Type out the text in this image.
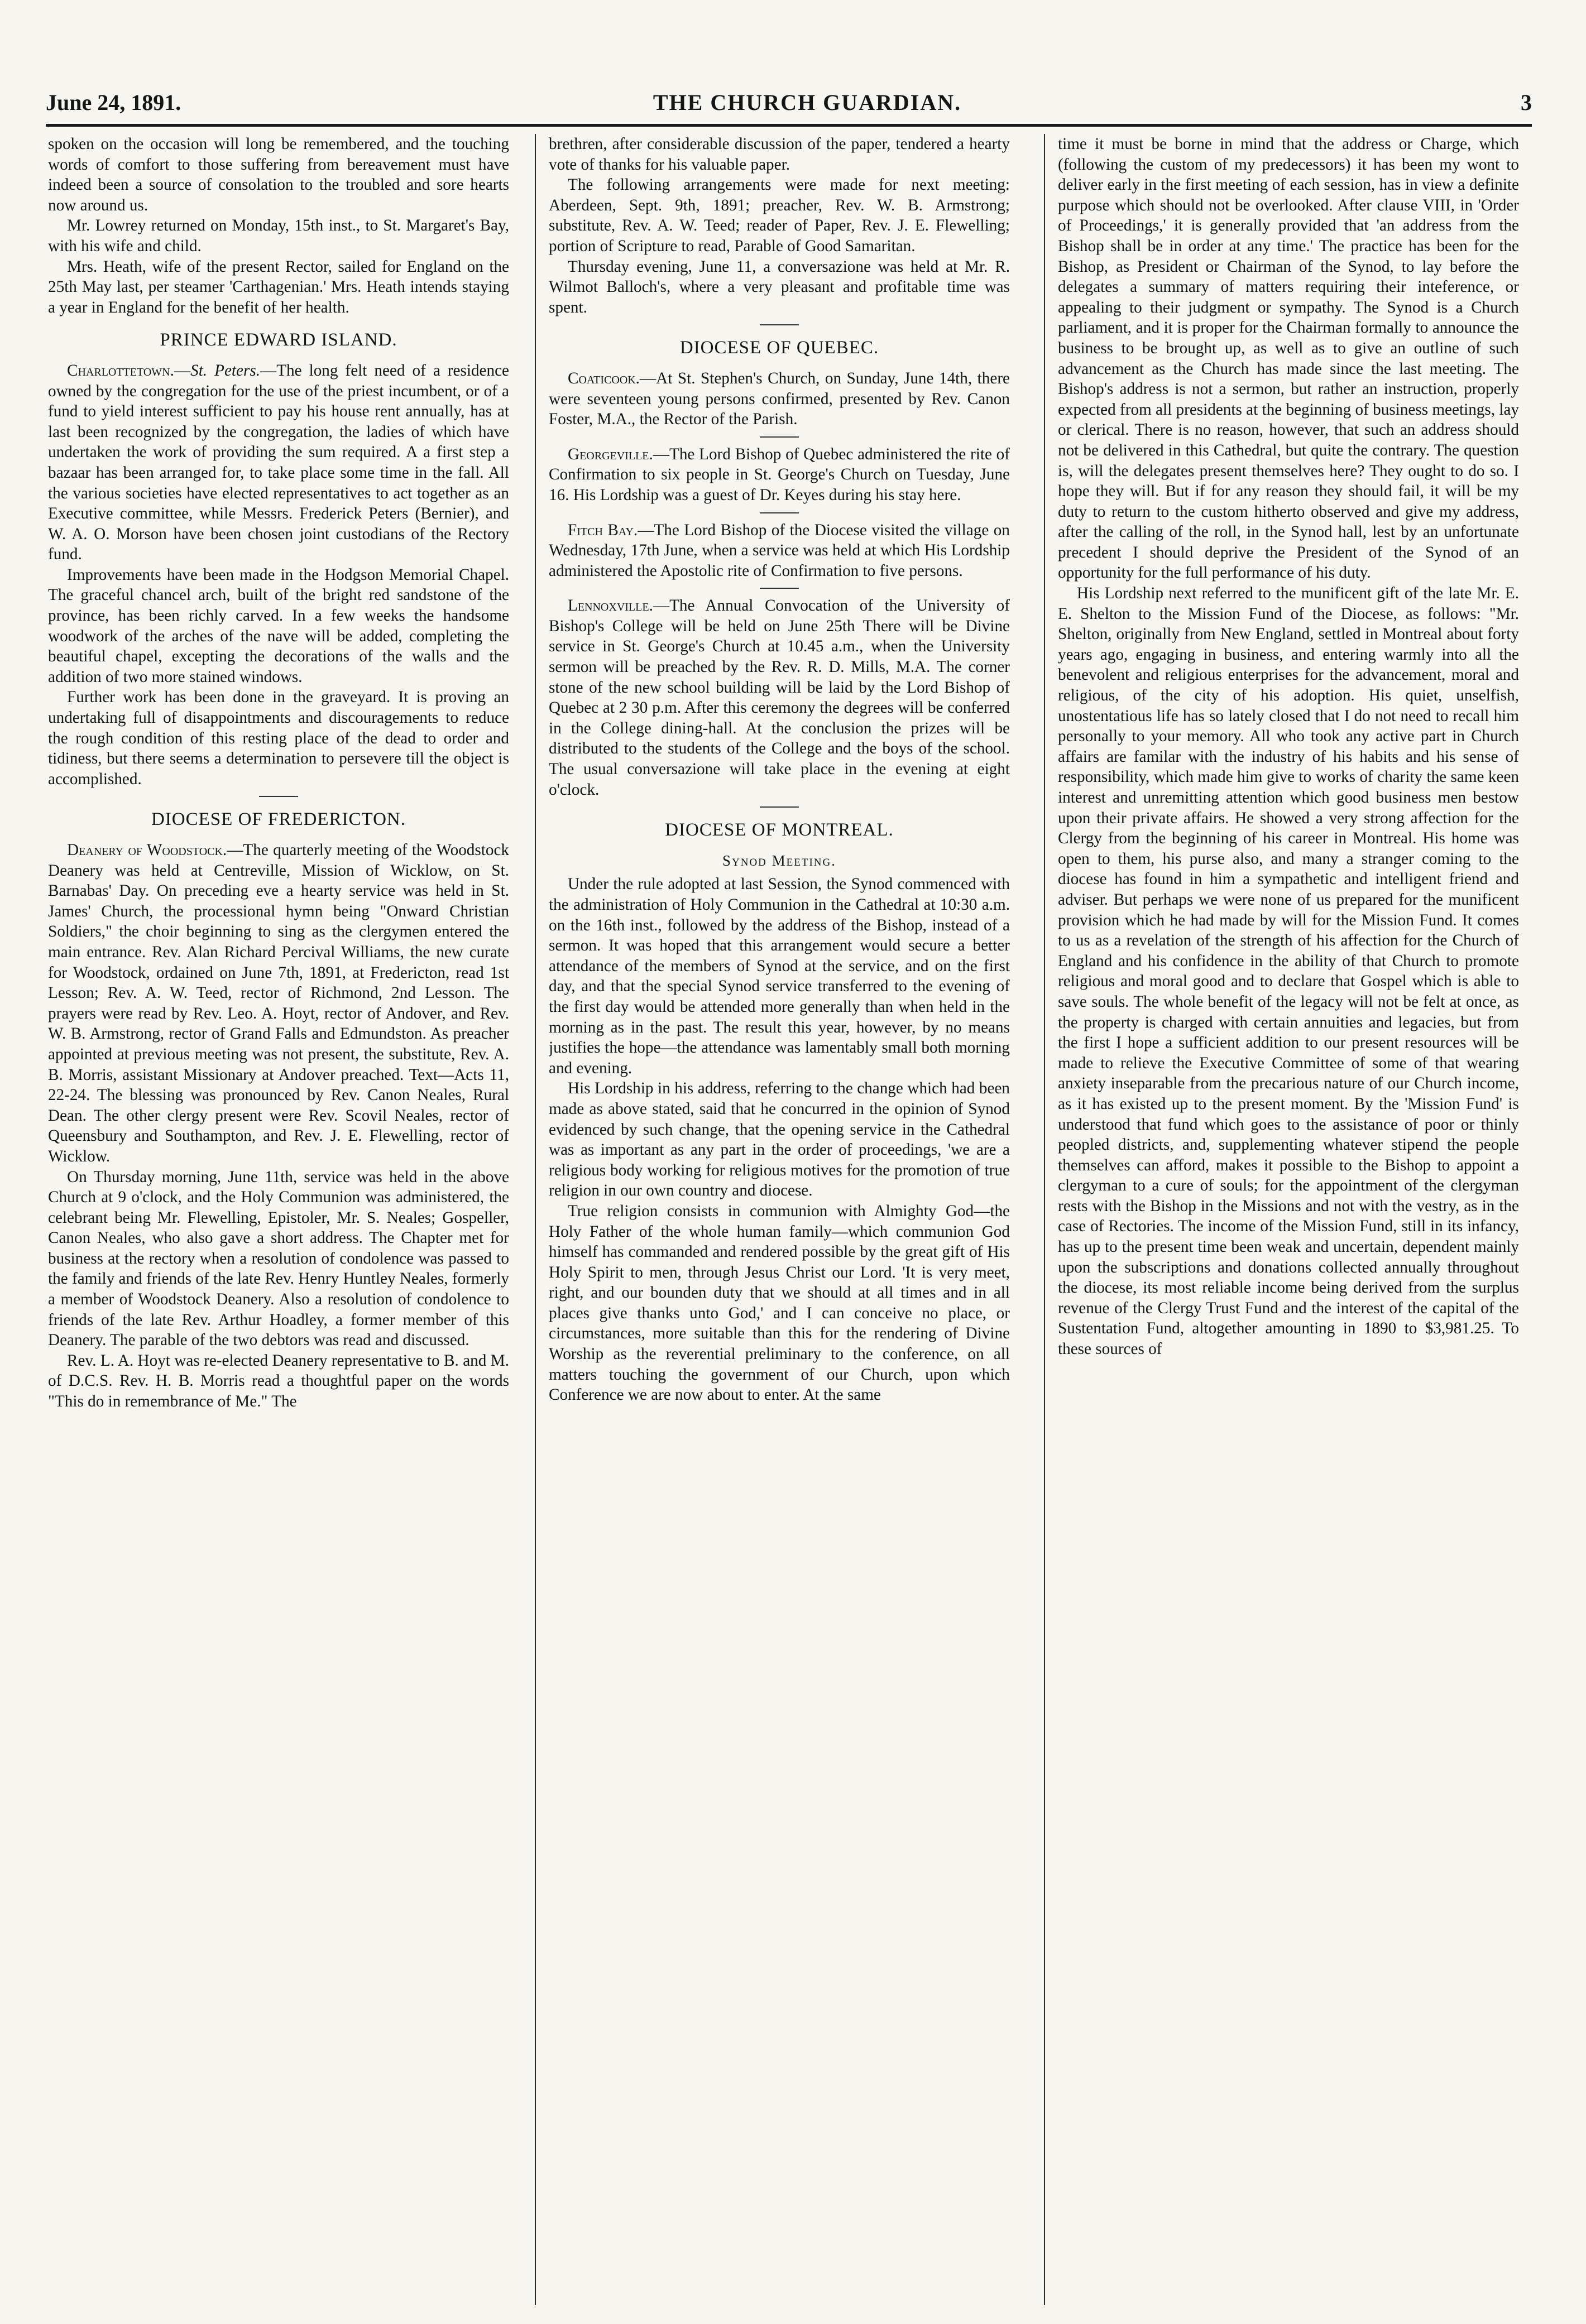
June 24, 1891.	THE CHURCH GUARDIAN.	3

spoken on the occasion will long be remembered, and the touching words of comfort to those suffering from bereavement must have indeed been a source of consolation to the troubled and sore hearts now around us.

Mr. Lowrey returned on Monday, 15th inst., to St. Margaret's Bay, with his wife and child.

Mrs. Heath, wife of the present Rector, sailed for England on the 25th May last, per steamer 'Carthagenian.' Mrs. Heath intends staying a year in England for the benefit of her health.

PRINCE EDWARD ISLAND.

Charlottetown.—St. Peters.—The long felt need of a residence owned by the congregation for the use of the priest incumbent, or of a fund to yield interest sufficient to pay his house rent annually, has at last been recognized by the congregation, the ladies of which have undertaken the work of providing the sum required. A a first step a bazaar has been arranged for, to take place some time in the fall. All the various societies have elected representatives to act together as an Executive committee, while Messrs. Frederick Peters (Bernier), and W. A. O. Morson have been chosen joint custodians of the Rectory fund.

Improvements have been made in the Hodgson Memorial Chapel. The graceful chancel arch, built of the bright red sandstone of the province, has been richly carved. In a few weeks the handsome woodwork of the arches of the nave will be added, completing the beautiful chapel, excepting the decorations of the walls and the addition of two more stained windows.

Further work has been done in the graveyard. It is proving an undertaking full of disappointments and discouragements to reduce the rough condition of this resting place of the dead to order and tidiness, but there seems a determination to persevere till the object is accomplished.

DIOCESE OF FREDERICTON.

Deanery of Woodstock.—The quarterly meeting of the Woodstock Deanery was held at Centreville, Mission of Wicklow, on St. Barnabas' Day. On preceding eve a hearty service was held in St. James' Church, the processional hymn being "Onward Christian Soldiers," the choir beginning to sing as the clergymen entered the main entrance. Rev. Alan Richard Percival Williams, the new curate for Woodstock, ordained on June 7th, 1891, at Fredericton, read 1st Lesson; Rev. A. W. Teed, rector of Richmond, 2nd Lesson. The prayers were read by Rev. Leo. A. Hoyt, rector of Andover, and Rev. W. B. Armstrong, rector of Grand Falls and Edmundston. As preacher appointed at previous meeting was not present, the substitute, Rev. A. B. Morris, assistant Missionary at Andover preached. Text—Acts 11, 22-24. The blessing was pronounced by Rev. Canon Neales, Rural Dean. The other clergy present were Rev. Scovil Neales, rector of Queensbury and Southampton, and Rev. J. E. Flewelling, rector of Wicklow.

On Thursday morning, June 11th, service was held in the above Church at 9 o'clock, and the Holy Communion was administered, the celebrant being Mr. Flewelling, Epistoler, Mr. S. Neales; Gospeller, Canon Neales, who also gave a short address. The Chapter met for business at the rectory when a resolution of condolence was passed to the family and friends of the late Rev. Henry Huntley Neales, formerly a member of Woodstock Deanery. Also a resolution of condolence to friends of the late Rev. Arthur Hoadley, a former member of this Deanery. The parable of the two debtors was read and discussed.

Rev. L. A. Hoyt was re-elected Deanery representative to B. and M. of D.C.S. Rev. H. B. Morris read a thoughtful paper on the words "This do in remembrance of Me." The

brethren, after considerable discussion of the paper, tendered a hearty vote of thanks for his valuable paper.

The following arrangements were made for next meeting: Aberdeen, Sept. 9th, 1891; preacher, Rev. W. B. Armstrong; substitute, Rev. A. W. Teed; reader of Paper, Rev. J. E. Flewelling; portion of Scripture to read, Parable of Good Samaritan.

Thursday evening, June 11, a conversazione was held at Mr. R. Wilmot Balloch's, where a very pleasant and profitable time was spent.

DIOCESE OF QUEBEC.

Coaticook.—At St. Stephen's Church, on Sunday, June 14th, there were seventeen young persons confirmed, presented by Rev. Canon Foster, M.A., the Rector of the Parish.

Georgeville.—The Lord Bishop of Quebec administered the rite of Confirmation to six people in St. George's Church on Tuesday, June 16. His Lordship was a guest of Dr. Keyes during his stay here.

Fitch Bay.—The Lord Bishop of the Diocese visited the village on Wednesday, 17th June, when a service was held at which His Lordship administered the Apostolic rite of Confirmation to five persons.

Lennoxville.—The Annual Convocation of the University of Bishop's College will be held on June 25th There will be Divine service in St. George's Church at 10.45 a.m., when the University sermon will be preached by the Rev. R. D. Mills, M.A. The corner stone of the new school building will be laid by the Lord Bishop of Quebec at 2 30 p.m. After this ceremony the degrees will be conferred in the College dining-hall. At the conclusion the prizes will be distributed to the students of the College and the boys of the school. The usual conversazione will take place in the evening at eight o'clock.

DIOCESE OF MONTREAL.
Synod Meeting.

Under the rule adopted at last Session, the Synod commenced with the administration of Holy Communion in the Cathedral at 10:30 a.m. on the 16th inst., followed by the address of the Bishop, instead of a sermon. It was hoped that this arrangement would secure a better attendance of the members of Synod at the service, and on the first day, and that the special Synod service transferred to the evening of the first day would be attended more generally than when held in the morning as in the past. The result this year, however, by no means justifies the hope—the attendance was lamentably small both morning and evening.

His Lordship in his address, referring to the change which had been made as above stated, said that he concurred in the opinion of Synod evidenced by such change, that the opening service in the Cathedral was as important as any part in the order of proceedings, 'we are a religious body working for religious motives for the promotion of true religion in our own country and diocese.

True religion consists in communion with Almighty God—the Holy Father of the whole human family—which communion God himself has commanded and rendered possible by the great gift of His Holy Spirit to men, through Jesus Christ our Lord. 'It is very meet, right, and our bounden duty that we should at all times and in all places give thanks unto God,' and I can conceive no place, or circumstances, more suitable than this for the rendering of Divine Worship as the reverential preliminary to the conference, on all matters touching the government of our Church, upon which Conference we are now about to enter. At the same

time it must be borne in mind that the address or Charge, which (following the custom of my predecessors) it has been my wont to deliver early in the first meeting of each session, has in view a definite purpose which should not be overlooked. After clause VIII, in 'Order of Proceedings,' it is generally provided that 'an address from the Bishop shall be in order at any time.' The practice has been for the Bishop, as President or Chairman of the Synod, to lay before the delegates a summary of matters requiring their inteference, or appealing to their judgment or sympathy. The Synod is a Church parliament, and it is proper for the Chairman formally to announce the business to be brought up, as well as to give an outline of such advancement as the Church has made since the last meeting. The Bishop's address is not a sermon, but rather an instruction, properly expected from all presidents at the beginning of business meetings, lay or clerical. There is no reason, however, that such an address should not be delivered in this Cathedral, but quite the contrary. The question is, will the delegates present themselves here? They ought to do so. I hope they will. But if for any reason they should fail, it will be my duty to return to the custom hitherto observed and give my address, after the calling of the roll, in the Synod hall, lest by an unfortunate precedent I should deprive the President of the Synod of an opportunity for the full performance of his duty.

His Lordship next referred to the munificent gift of the late Mr. E. E. Shelton to the Mission Fund of the Diocese, as follows: "Mr. Shelton, originally from New England, settled in Montreal about forty years ago, engaging in business, and entering warmly into all the benevolent and religious enterprises for the advancement, moral and religious, of the city of his adoption. His quiet, unselfish, unostentatious life has so lately closed that I do not need to recall him personally to your memory. All who took any active part in Church affairs are familar with the industry of his habits and his sense of responsibility, which made him give to works of charity the same keen interest and unremitting attention which good business men bestow upon their private affairs. He showed a very strong affection for the Clergy from the beginning of his career in Montreal. His home was open to them, his purse also, and many a stranger coming to the diocese has found in him a sympathetic and intelligent friend and adviser. But perhaps we were none of us prepared for the munificent provision which he had made by will for the Mission Fund. It comes to us as a revelation of the strength of his affection for the Church of England and his confidence in the ability of that Church to promote religious and moral good and to declare that Gospel which is able to save souls. The whole benefit of the legacy will not be felt at once, as the property is charged with certain annuities and legacies, but from the first I hope a sufficient addition to our present resources will be made to relieve the Executive Committee of some of that wearing anxiety inseparable from the precarious nature of our Church income, as it has existed up to the present moment. By the 'Mission Fund' is understood that fund which goes to the assistance of poor or thinly peopled districts, and, supplementing whatever stipend the people themselves can afford, makes it possible to the Bishop to appoint a clergyman to a cure of souls; for the appointment of the clergyman rests with the Bishop in the Missions and not with the vestry, as in the case of Rectories. The income of the Mission Fund, still in its infancy, has up to the present time been weak and uncertain, dependent mainly upon the subscriptions and donations collected annually throughout the diocese, its most reliable income being derived from the surplus revenue of the Clergy Trust Fund and the interest of the capital of the Sustentation Fund, altogether amounting in 1890 to $3,981.25. To these sources of
